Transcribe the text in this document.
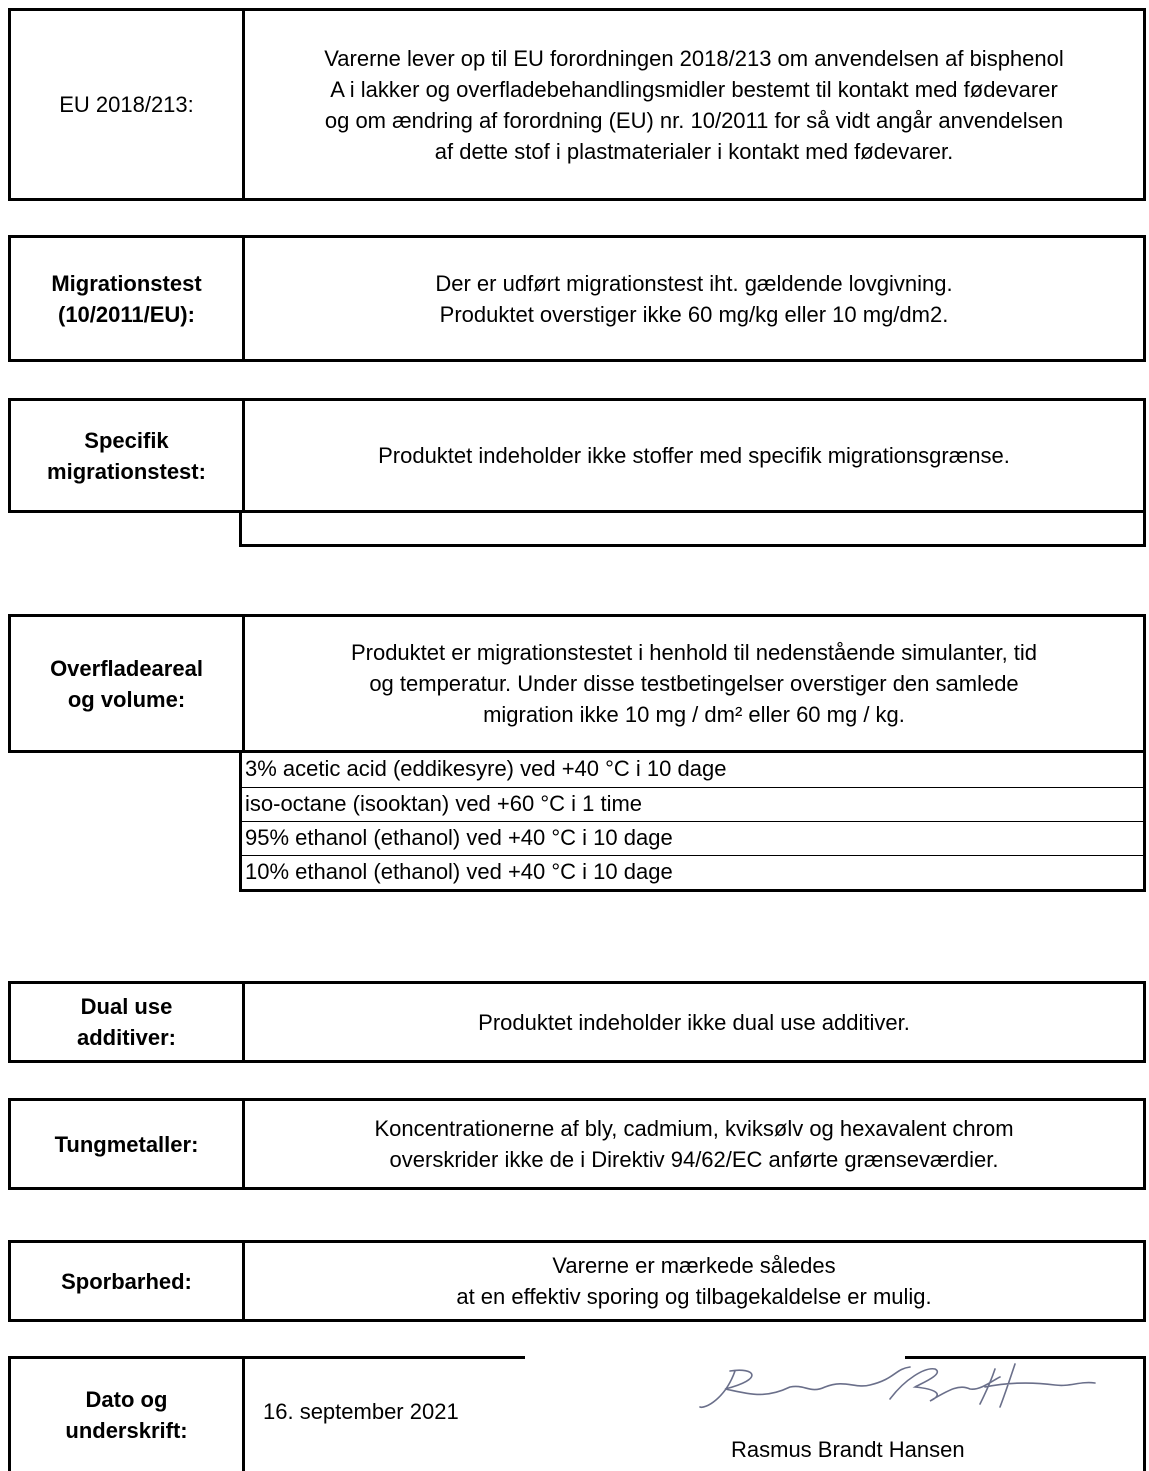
EU 2018/213:
Varerne lever op til EU forordningen 2018/213 om anvendelsen af bisphenol
A i lakker og overfladebehandlingsmidler bestemt til kontakt med fødevarer
og om ændring af forordning (EU) nr. 10/2011 for så vidt angår anvendelsen
af dette stof i plastmaterialer i kontakt med fødevarer.
Migrationstest
(10/2011/EU):
Der er udført migrationstest iht. gældende lovgivning.
Produktet overstiger ikke 60 mg/kg eller 10 mg/dm2.
Specifik
migrationstest:
Produktet indeholder ikke stoffer med specifik migrationsgrænse.
Overfladeareal
og volume:
Produktet er migrationstestet i henhold til nedenstående simulanter, tid
og temperatur. Under disse testbetingelser overstiger den samlede
migration ikke 10 mg / dm² eller 60 mg / kg.
3% acetic acid (eddikesyre) ved +40 °C i 10 dage
iso-octane (isooktan) ved +60 °C i 1 time
95% ethanol (ethanol) ved +40 °C i 10 dage
10% ethanol (ethanol) ved +40 °C i 10 dage
Dual use
additiver:
Produktet indeholder ikke dual use additiver.
Tungmetaller:
Koncentrationerne af bly, cadmium, kviksølv og hexavalent chrom
overskrider ikke de i Direktiv 94/62/EC anførte grænseværdier.
Sporbarhed:
Varerne er mærkede således
at en effektiv sporing og tilbagekaldelse er mulig.
Dato og
underskrift:
16. september 2021
Rasmus Brandt Hansen
